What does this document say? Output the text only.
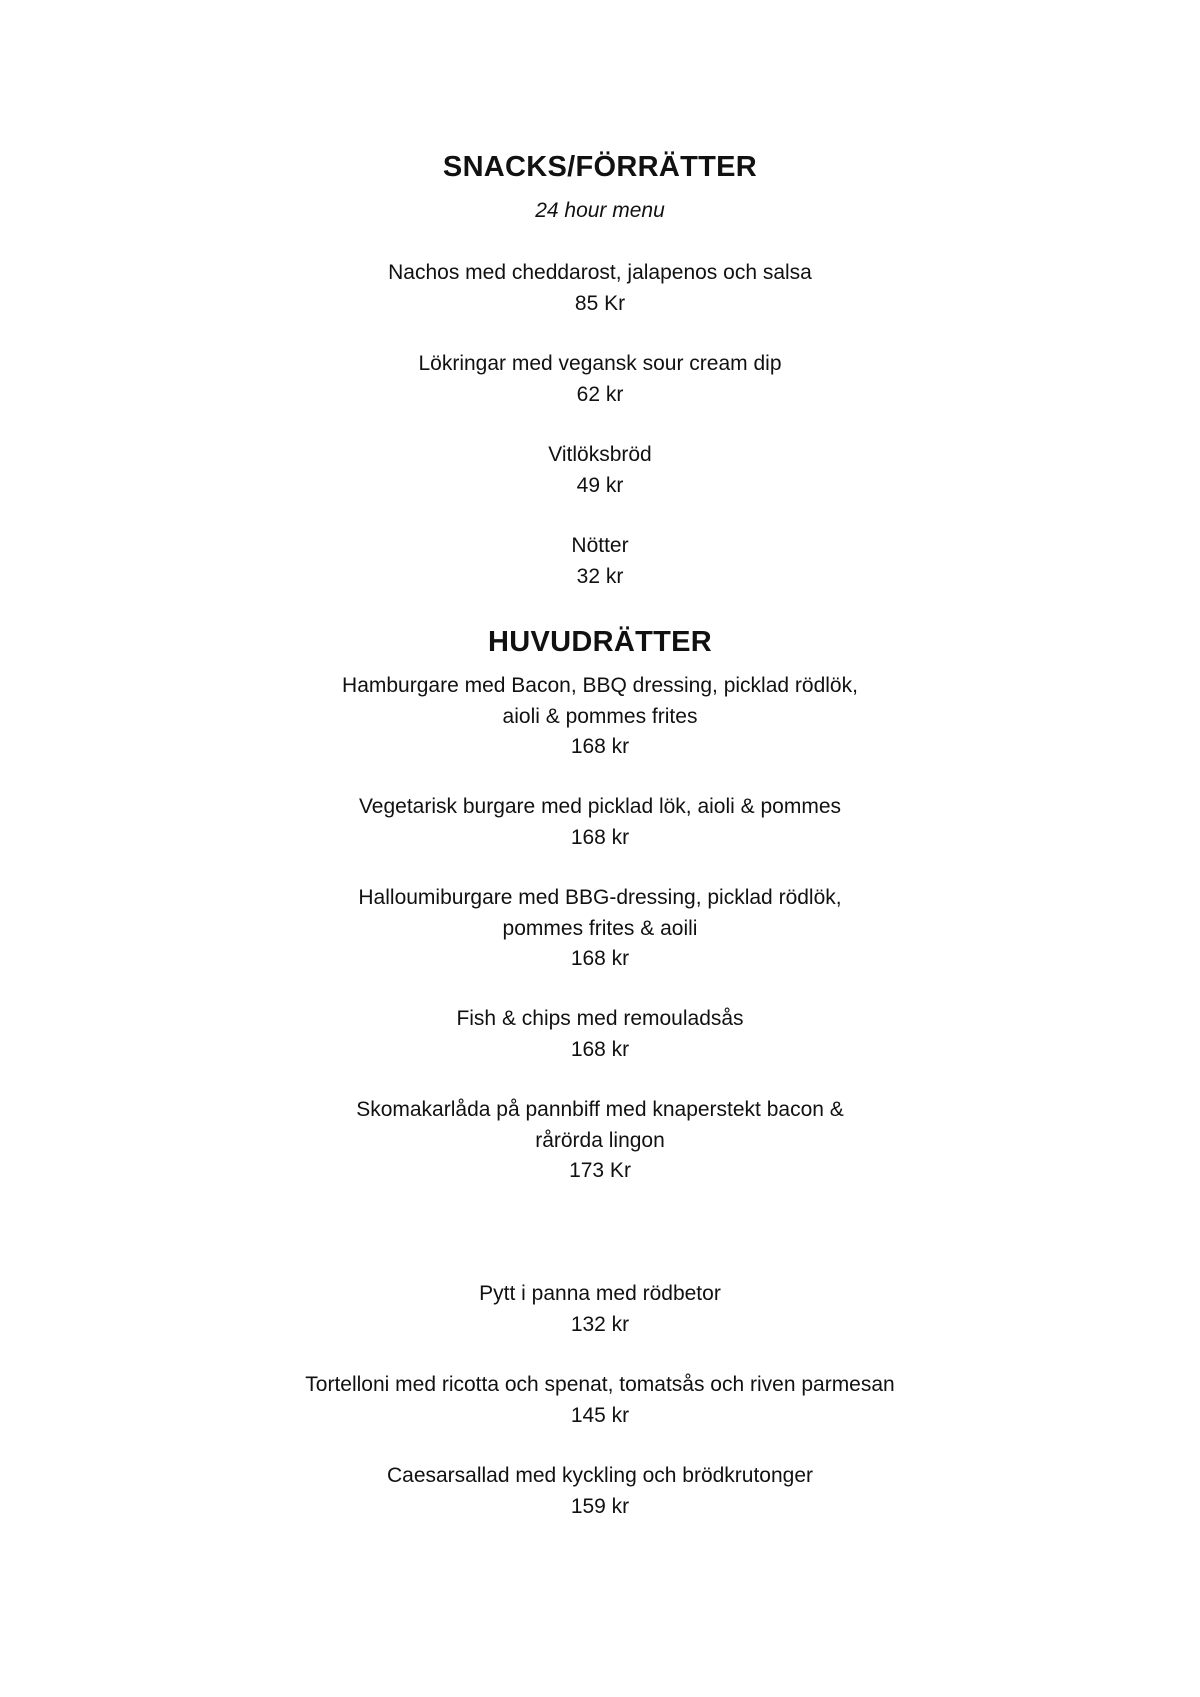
SNACKS/FÖRRÄTTER
24 hour menu
Nachos med cheddarost, jalapenos och salsa
85 Kr
Lökringar med vegansk sour cream dip
62 kr
Vitlöksbröd
49 kr
Nötter
32 kr
HUVUDRÄTTER
Hamburgare med Bacon, BBQ dressing, picklad rödlök,
aioli & pommes frites
168 kr
Vegetarisk burgare med picklad lök, aioli & pommes
168 kr
Halloumiburgare med BBG-dressing, picklad rödlök,
pommes frites & aoili
168 kr
Fish & chips med remouladsås
168 kr
Skomakarlåda på pannbiff med knaperstekt bacon &
rårörda lingon
173 Kr
Pytt i panna med rödbetor
132 kr
Tortelloni med ricotta och spenat, tomatsås och riven parmesan
145 kr
Caesarsallad med kyckling och brödkrutonger
159 kr
